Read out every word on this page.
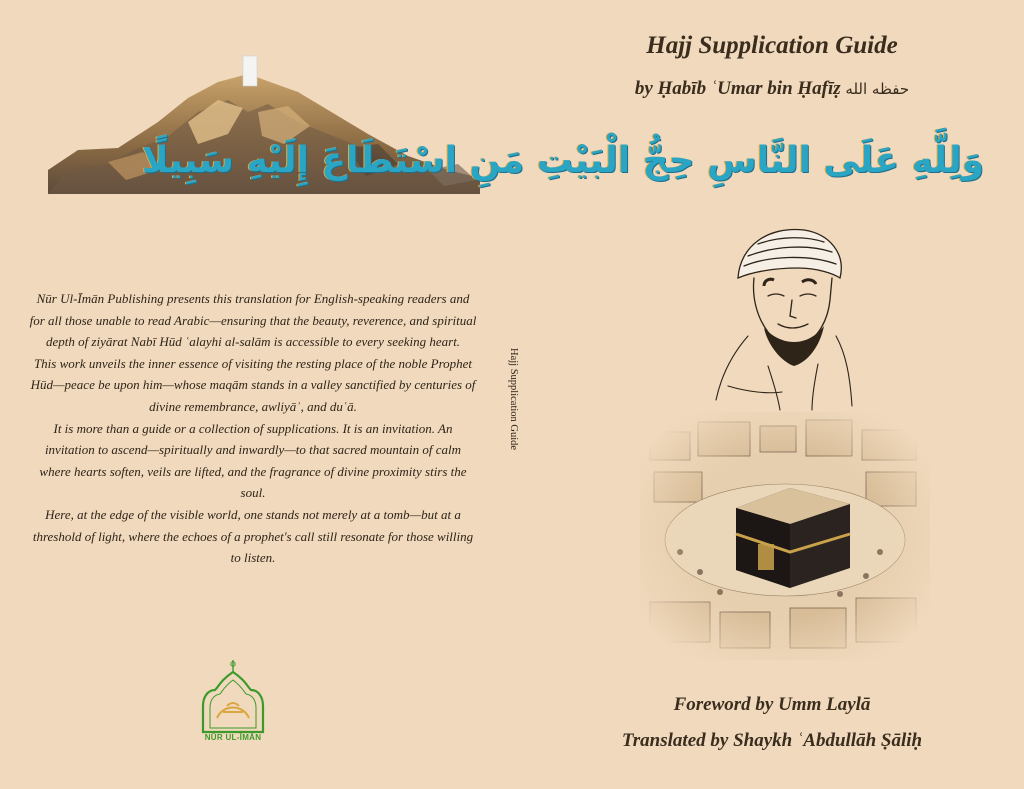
Nūr Ul-Īmān Publishing presents this translation for English-speaking readers and for all those unable to read Arabic—ensuring that the beauty, reverence, and spiritual depth of ziyārat Nabī Hūd ʿalayhi al-salām is accessible to every seeking heart.

This work unveils the inner essence of visiting the resting place of the noble Prophet Hūd—peace be upon him—whose maqām stands in a valley sanctified by centuries of divine remembrance, awliyāʾ, and duʿā.

It is more than a guide or a collection of supplications. It is an invitation. An invitation to ascend—spiritually and inwardly—to that sacred mountain of calm where hearts soften, veils are lifted, and the fragrance of divine proximity stirs the soul.

Here, at the edge of the visible world, one stands not merely at a tomb—but at a threshold of light, where the echoes of a prophet's call still resonate for those willing to listen.

NŪR UL-ĪMĀN
Hajj Supplication Guide
Hajj Supplication Guide
by Ḥabīb ʿUmar bin Ḥafīẓ حفظه الله
وَلِلَّهِ عَلَى النَّاسِ حِجُّ الْبَيْتِ مَنِ اسْتَطَاعَ إِلَيْهِ سَبِيلًا
Foreword by Umm Laylā
Translated by Shaykh ʿAbdullāh Ṣāliḥ
